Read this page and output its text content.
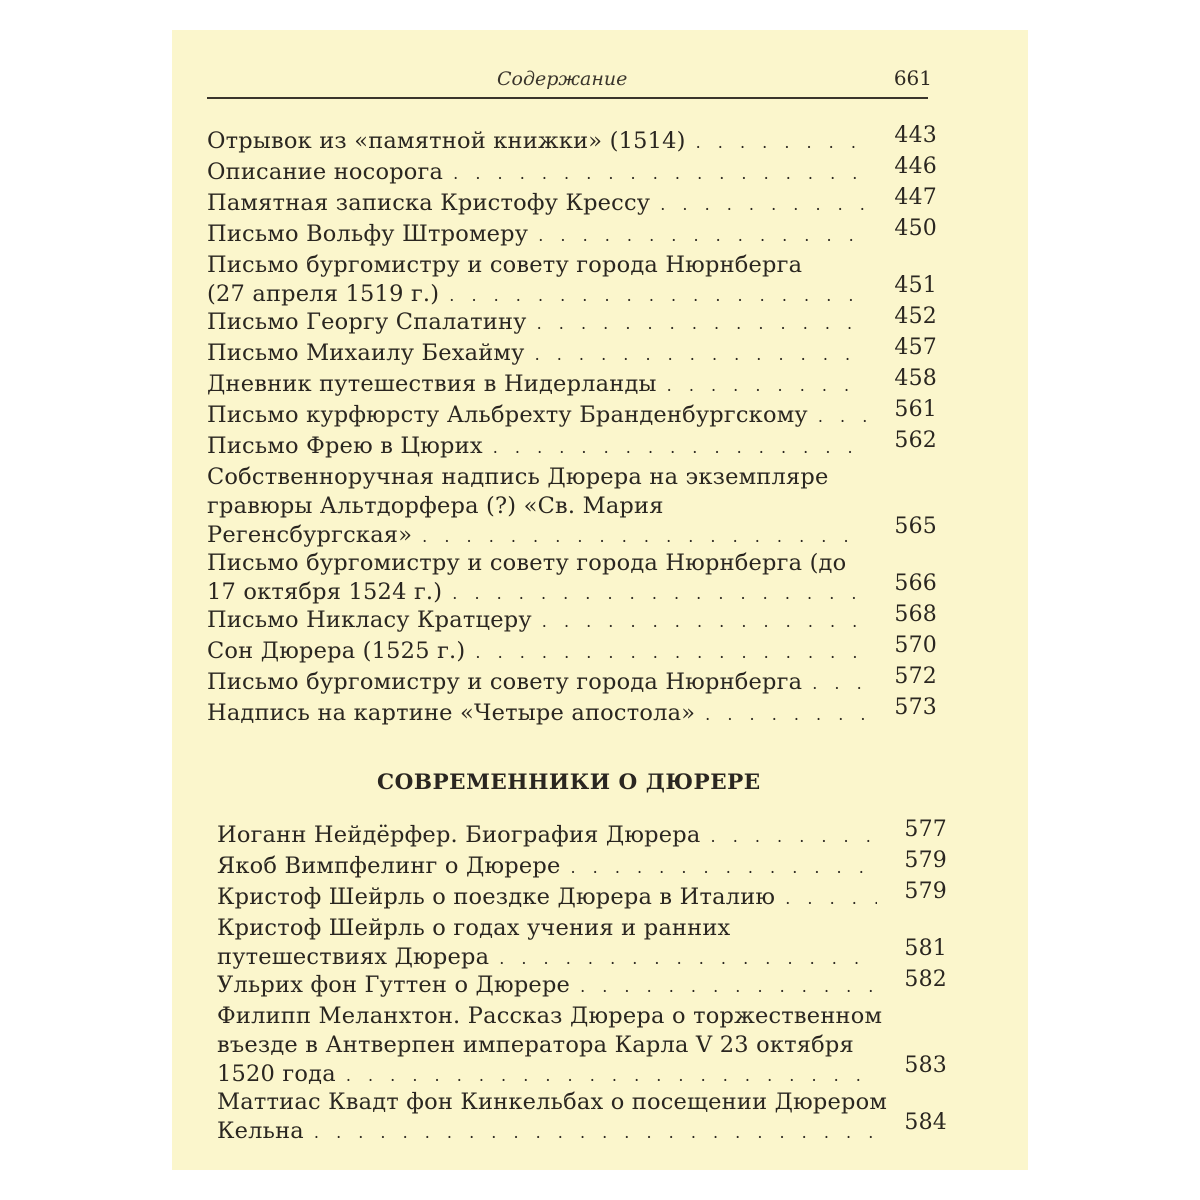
Содержание	661
Отрывок из «памятной книжки» (1514) . . .	443
Описание носорога . . .	446
Памятная записка Кристофу Крессу . . .	447
Письмо Вольфу Штромеру . . .	450
Письмо бургомистру и совету города Нюрнберга
(27 апреля 1519 г.) . . .	451
Письмо Георгу Спалатину . . .	452
Письмо Михаилу Бехайму . . .	457
Дневник путешествия в Нидерланды . . .	458
Письмо курфюрсту Альбрехту Бранденбургскому . . .	561
Письмо Фрею в Цюрих . . .	562
Собственноручная надпись Дюрера на экземпляре
гравюры Альтдорфера (?) «Св. Мария
Регенсбургская» . . .	565
Письмо бургомистру и совету города Нюрнберга (до
17 октября 1524 г.) . . .	566
Письмо Никласу Кратцеру . . .	568
Сон Дюрера (1525 г.) . . .	570
Письмо бургомистру и совету города Нюрнберга . . .	572
Надпись на картине «Четыре апостола» . . .	573
СОВРЕМЕННИКИ О ДЮРЕРЕ
Иоганн Нейдёрфер. Биография Дюрера . . .	577
Якоб Вимпфелинг о Дюрере . . .	579
Кристоф Шейрль о поездке Дюрера в Италию . . .	579
Кристоф Шейрль о годах учения и ранних
путешествиях Дюрера . . .	581
Ульрих фон Гуттен о Дюрере . . .	582
Филипп Меланхтон. Рассказ Дюрера о торжественном
въезде в Антверпен императора Карла V 23 октября
1520 года . . .	583
Маттиас Квадт фон Кинкельбах о посещении Дюрером
Кельна . . .	584
